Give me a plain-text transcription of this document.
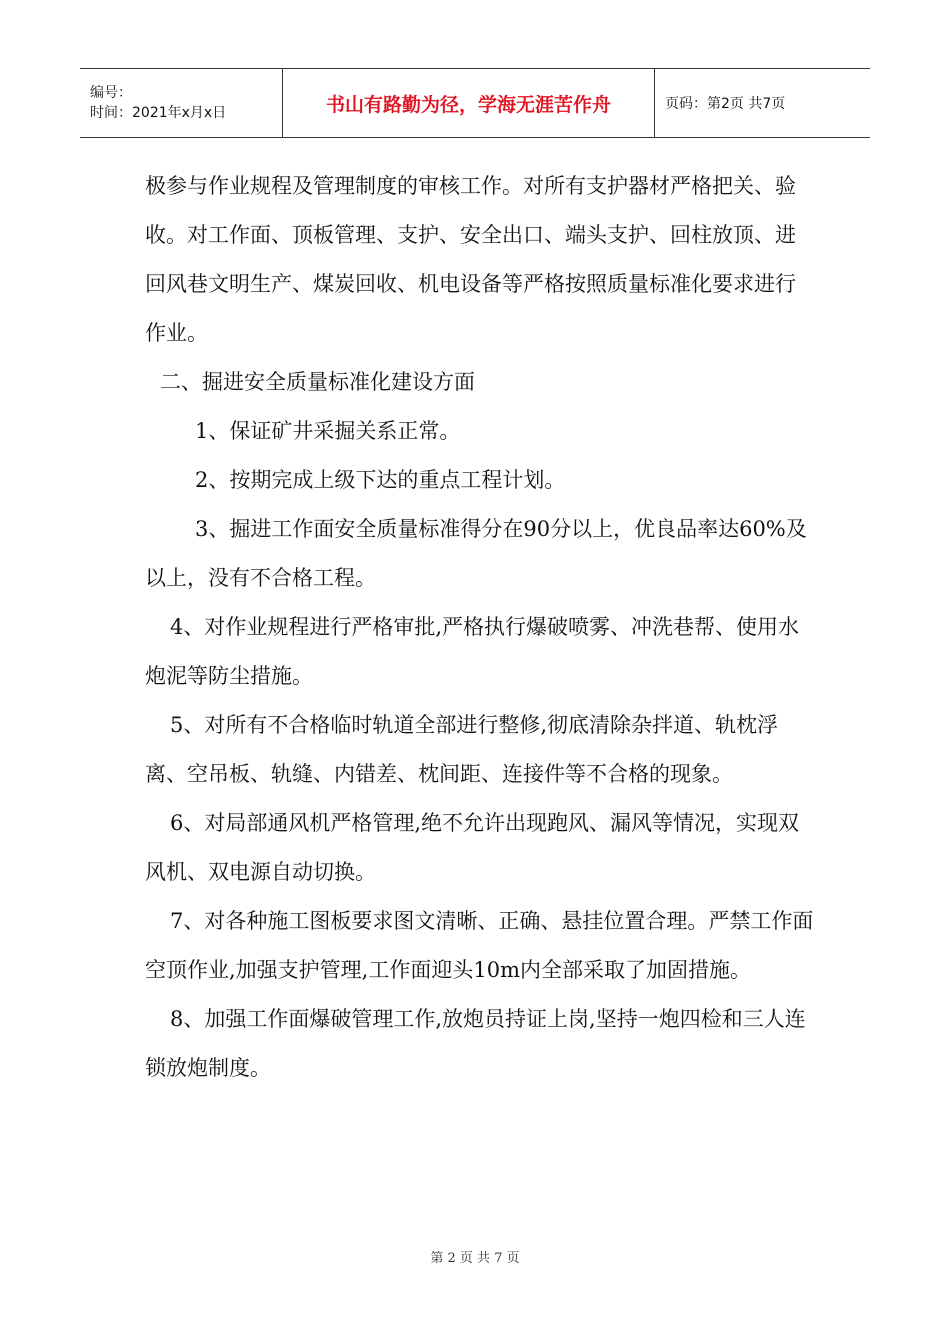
编号：
时间：2021年x月x日	书山有路勤为径，学海无涯苦作舟	页码：第2页 共7页

极参与作业规程及管理制度的审核工作。对所有支护器材严格把关、验收。对工作面、顶板管理、支护、安全出口、端头支护、回柱放顶、进回风巷文明生产、煤炭回收、机电设备等严格按照质量标准化要求进行作业。

二、掘进安全质量标准化建设方面

1、保证矿井采掘关系正常。

2、按期完成上级下达的重点工程计划。

3、掘进工作面安全质量标准得分在90分以上，优良品率达60%及以上，没有不合格工程。

4、对作业规程进行严格审批,严格执行爆破喷雾、冲洗巷帮、使用水炮泥等防尘措施。

5、对所有不合格临时轨道全部进行整修,彻底清除杂拌道、轨枕浮离、空吊板、轨缝、内错差、枕间距、连接件等不合格的现象。

6、对局部通风机严格管理,绝不允许出现跑风、漏风等情况，实现双风机、双电源自动切换。

7、对各种施工图板要求图文清晰、正确、悬挂位置合理。严禁工作面空顶作业,加强支护管理,工作面迎头10m内全部采取了加固措施。

8、加强工作面爆破管理工作,放炮员持证上岗,坚持一炮四检和三人连锁放炮制度。

第 2 页 共 7 页
